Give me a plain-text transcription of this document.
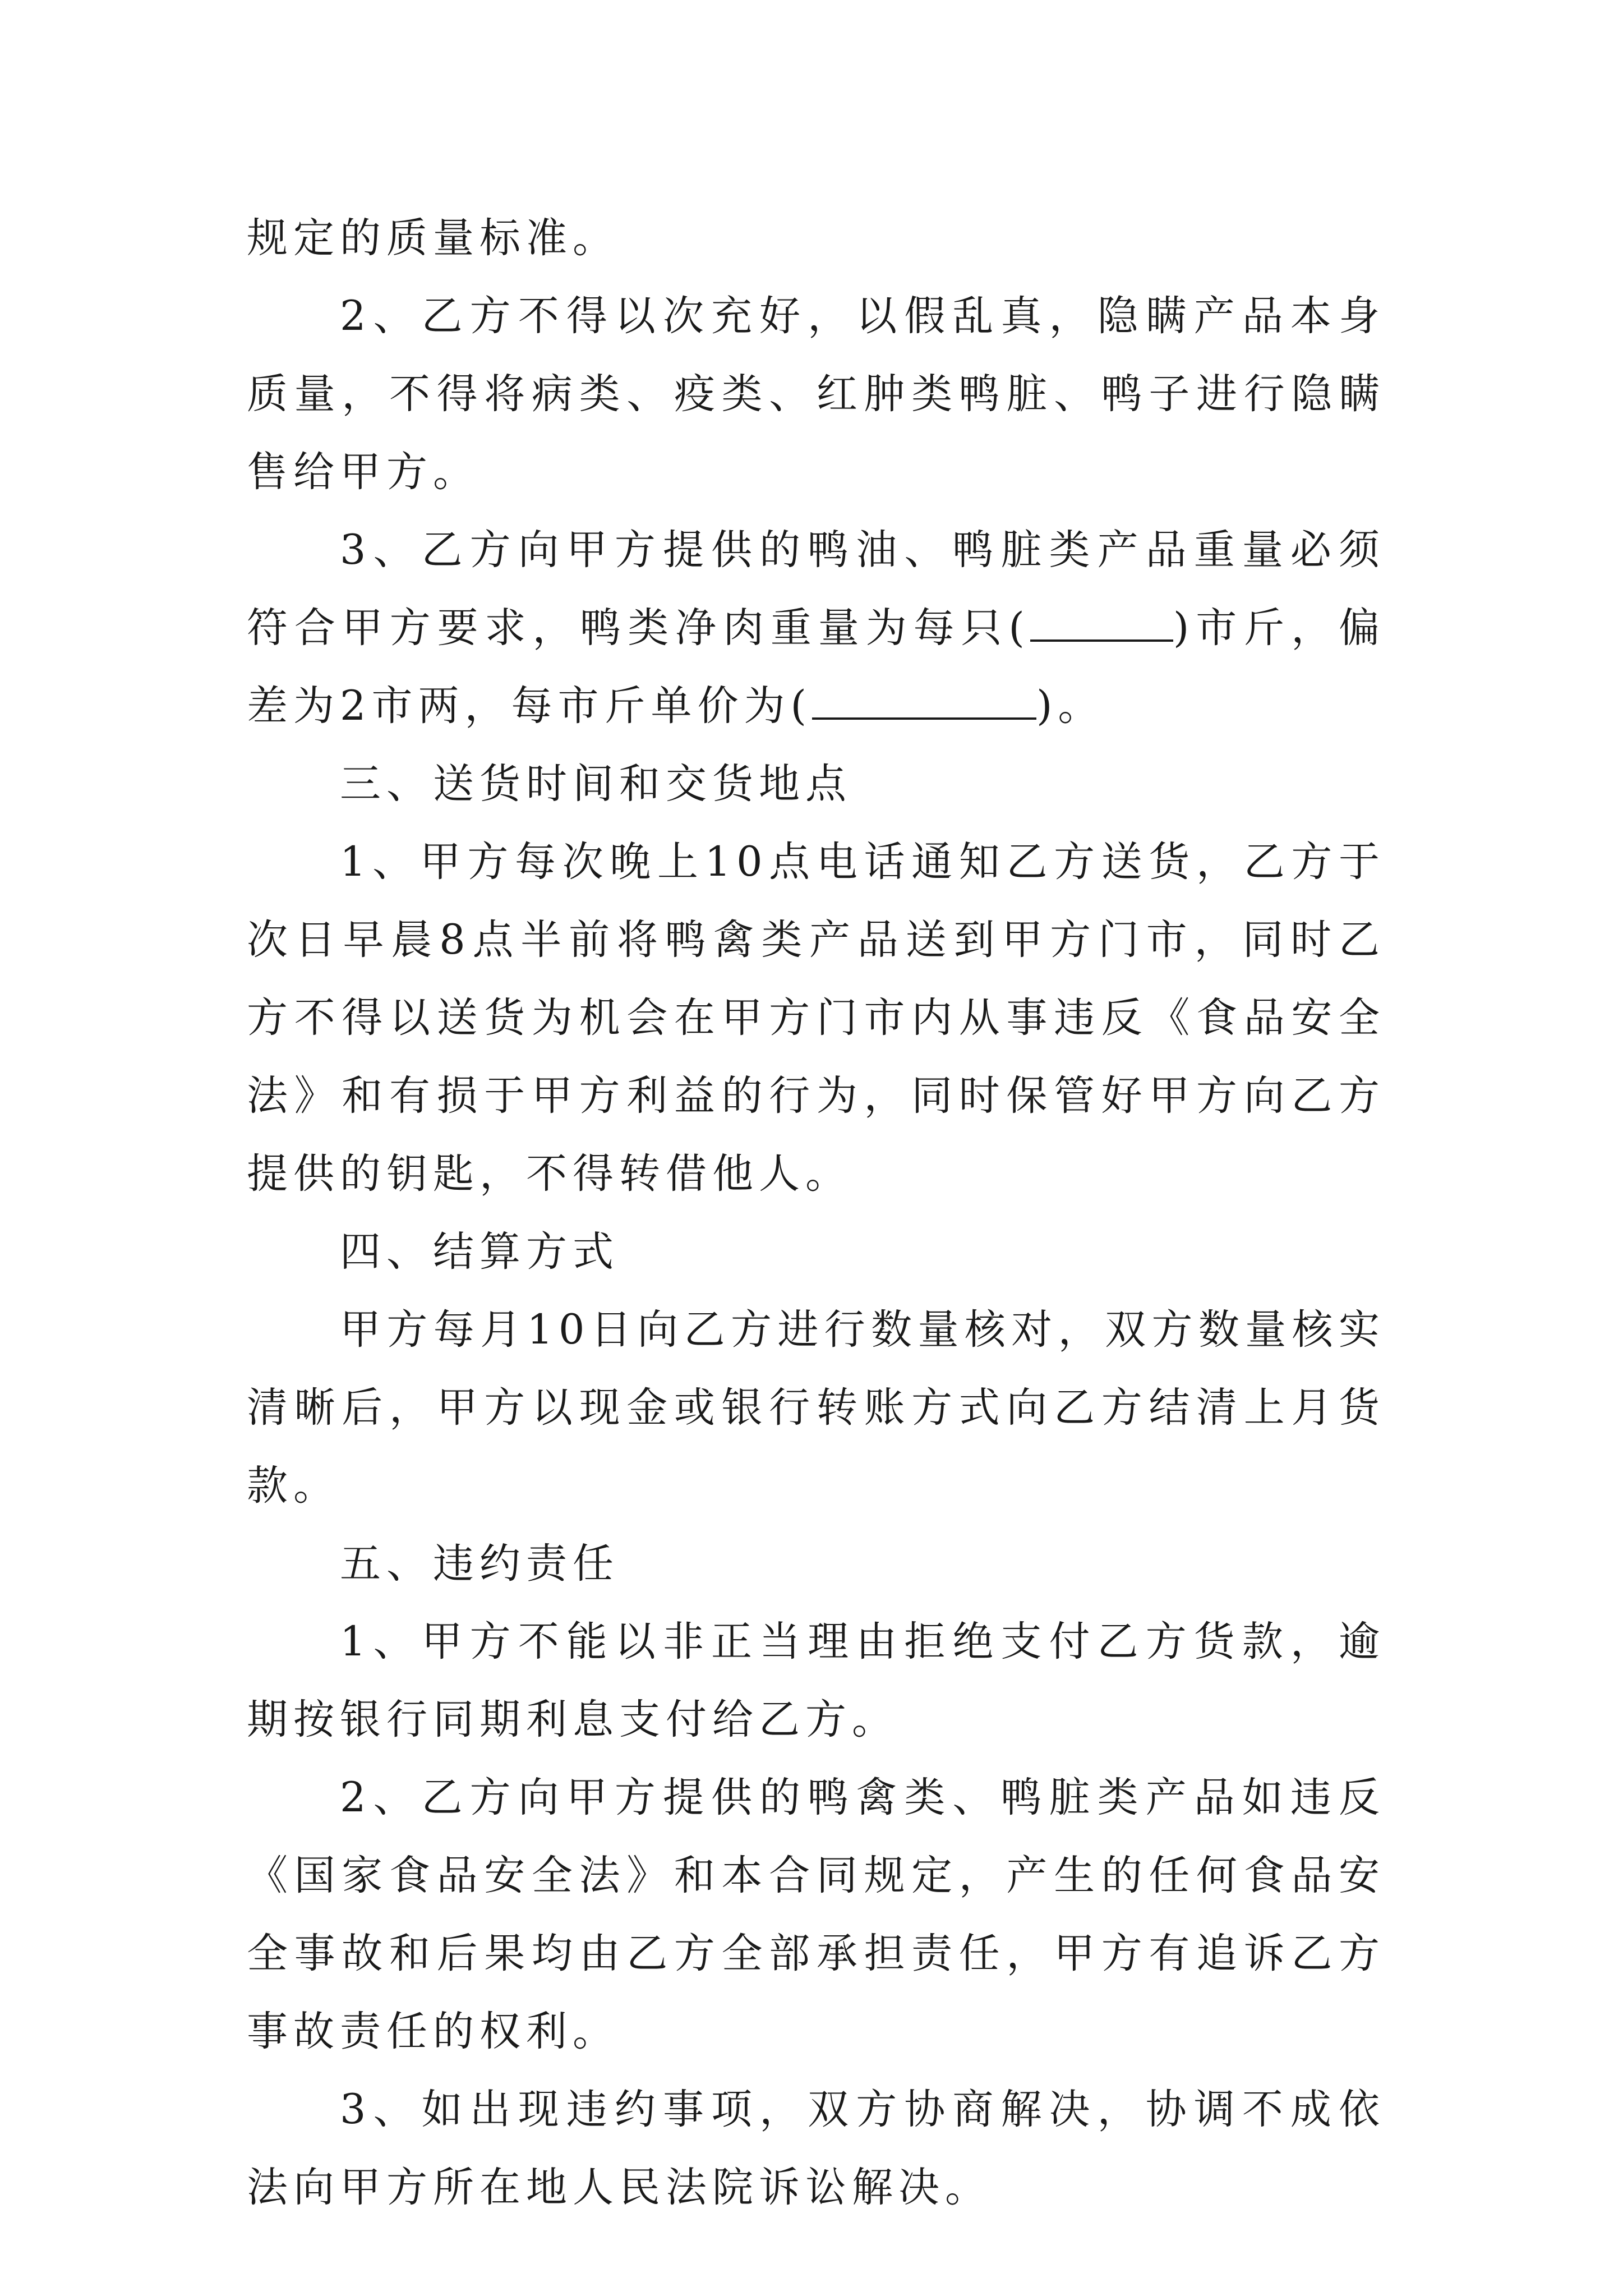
规定的质量标准。

2、乙方不得以次充好，以假乱真，隐瞒产品本身质量，不得将病类、疫类、红肿类鸭脏、鸭子进行隐瞒售给甲方。

3、乙方向甲方提供的鸭油、鸭脏类产品重量必须符合甲方要求，鸭类净肉重量为每只(	)市斤，偏差为2市两，每市斤单价为(	)。

三、送货时间和交货地点

1、甲方每次晚上10点电话通知乙方送货，乙方于次日早晨8点半前将鸭禽类产品送到甲方门市，同时乙方不得以送货为机会在甲方门市内从事违反《食品安全法》和有损于甲方利益的行为，同时保管好甲方向乙方提供的钥匙，不得转借他人。

四、结算方式

甲方每月10日向乙方进行数量核对，双方数量核实清晰后，甲方以现金或银行转账方式向乙方结清上月货款。

五、违约责任

1、甲方不能以非正当理由拒绝支付乙方货款，逾期按银行同期利息支付给乙方。

2、乙方向甲方提供的鸭禽类、鸭脏类产品如违反《国家食品安全法》和本合同规定，产生的任何食品安全事故和后果均由乙方全部承担责任，甲方有追诉乙方事故责任的权利。

3、如出现违约事项，双方协商解决，协调不成依法向甲方所在地人民法院诉讼解决。
